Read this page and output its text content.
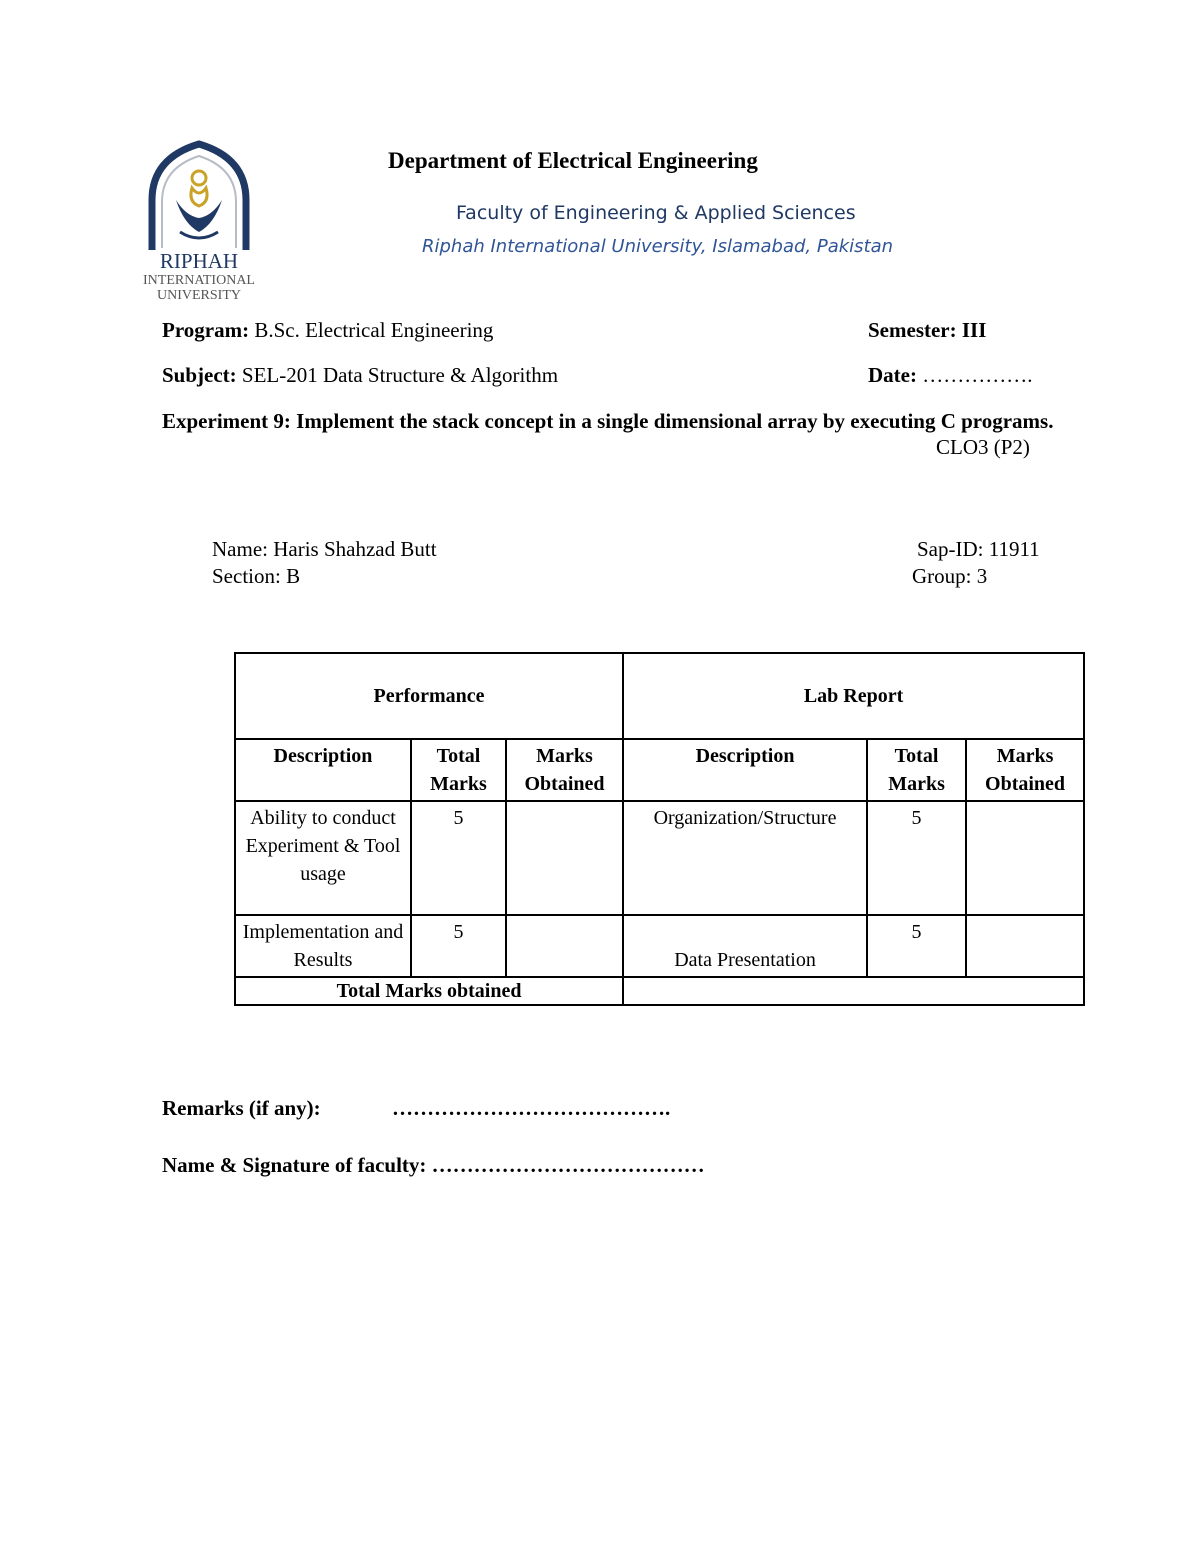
RIPHAH
INTERNATIONAL
UNIVERSITY
Department of Electrical Engineering
Faculty of Engineering & Applied Sciences
Riphah International University, Islamabad, Pakistan
Program: B.Sc. Electrical Engineering	Semester: III
Subject: SEL-201 Data Structure & Algorithm	Date: …………….
Experiment 9: Implement the stack concept in a single dimensional array by executing C programs.
CLO3 (P2)
Name: Haris Shahzad Butt	Sap-ID: 11911
Section: B	Group: 3
Performance			Lab Report		
Description	Total Marks	Marks Obtained	Description	Total Marks	Marks Obtained
Ability to conduct Experiment & Tool usage	5		Organization/Structure	5	
Implementation and Results	5		Data Presentation	5	
Total Marks obtained					
Remarks (if any):	………………………………….
Name & Signature of faculty: …………………………………
